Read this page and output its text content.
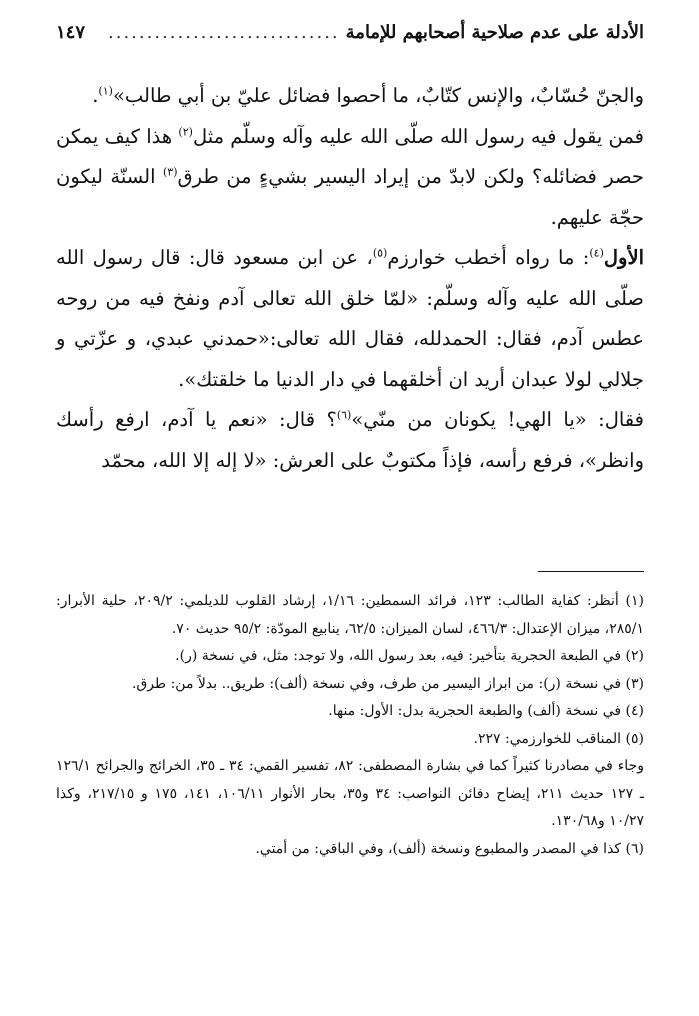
الأدلة على عدم صلاحية أصحابهم للإمامة
..............................
١٤٧

والجنّ حُسّابٌ، والإنس كتّابٌ، ما أحصوا فضائل عليّ بن أبي طالب»$^{(١)}$.

فمن يقول فيه رسول الله صلّى الله عليه وآله وسلّم مثل$^{(٢)}$ هذا كيف يمكن حصر فضائله؟ ولكن لابدّ من إيراد اليسير بشيءٍ من طرق$^{(٣)}$ السنّة ليكون حجّة عليهم.

الأول$^{(٤)}$: ما رواه أخطب خوارزم$^{(٥)}$، عن ابن مسعود قال: قال رسول الله صلّى الله عليه وآله وسلّم: «لمّا خلق الله تعالى آدم ونفخ فيه من روحه عطس آدم، فقال: الحمدلله، فقال الله تعالى:«حمدني عبدي، و عزّتي و جلالي لولا عبدان أريد ان أخلقهما في دار الدنيا ما خلقتك».

فقال: «يا الهي! يكونان من منّي»$^{(٦)}$؟ قال: «نعم يا آدم، ارفع رأسك وانظر»، فرفع رأسه، فإذاً مكتوبٌ على العرش: «لا إله إلا الله، محمّد

(١) أنظر: كفاية الطالب: ١٢٣، فرائد السمطين: ١/١٦، إرشاد القلوب للديلمي: ٢٠٩/٢، حلية الأبرار: ٢٨٥/١، ميزان الإعتدال: ٤٦٦/٣، لسان الميزان: ٦٢/٥، ينابيع المودّة: ٩٥/٢ حديث ٧٠.

(٢) في الطبعة الحجرية بتأخير: فيه، بعد رسول الله، ولا توجد: مثل، في نسخة (ر).

(٣) في نسخة (ر): من ابراز اليسير من طرف، وفي نسخة (ألف): طريق.. بدلاً من: طرق.

(٤) في نسخة (ألف) والطبعة الحجرية بدل: الأول: منها.

(٥) المناقب للخوارزمي: ٢٢٧.

وجاء في مصادرنا كثيراً كما في بشارة المصطفى: ٨٢، تفسير القمي: ٣٤ ـ ٣٥، الخرائج والجرائح ١٢٦/١ ـ ١٢٧ حديث ٢١١، إيضاح دفائن النواصب: ٣٤ و٣٥، بحار الأنوار ١٠٦/١١، ١٤١، ١٧٥ و ٢١٧/١٥، وكذا ١٠/٢٧ و١٣٠/٦٨.

(٦) كذا في المصدر والمطبوع ونسخة (ألف)، وفي الباقي: من أمتي.
